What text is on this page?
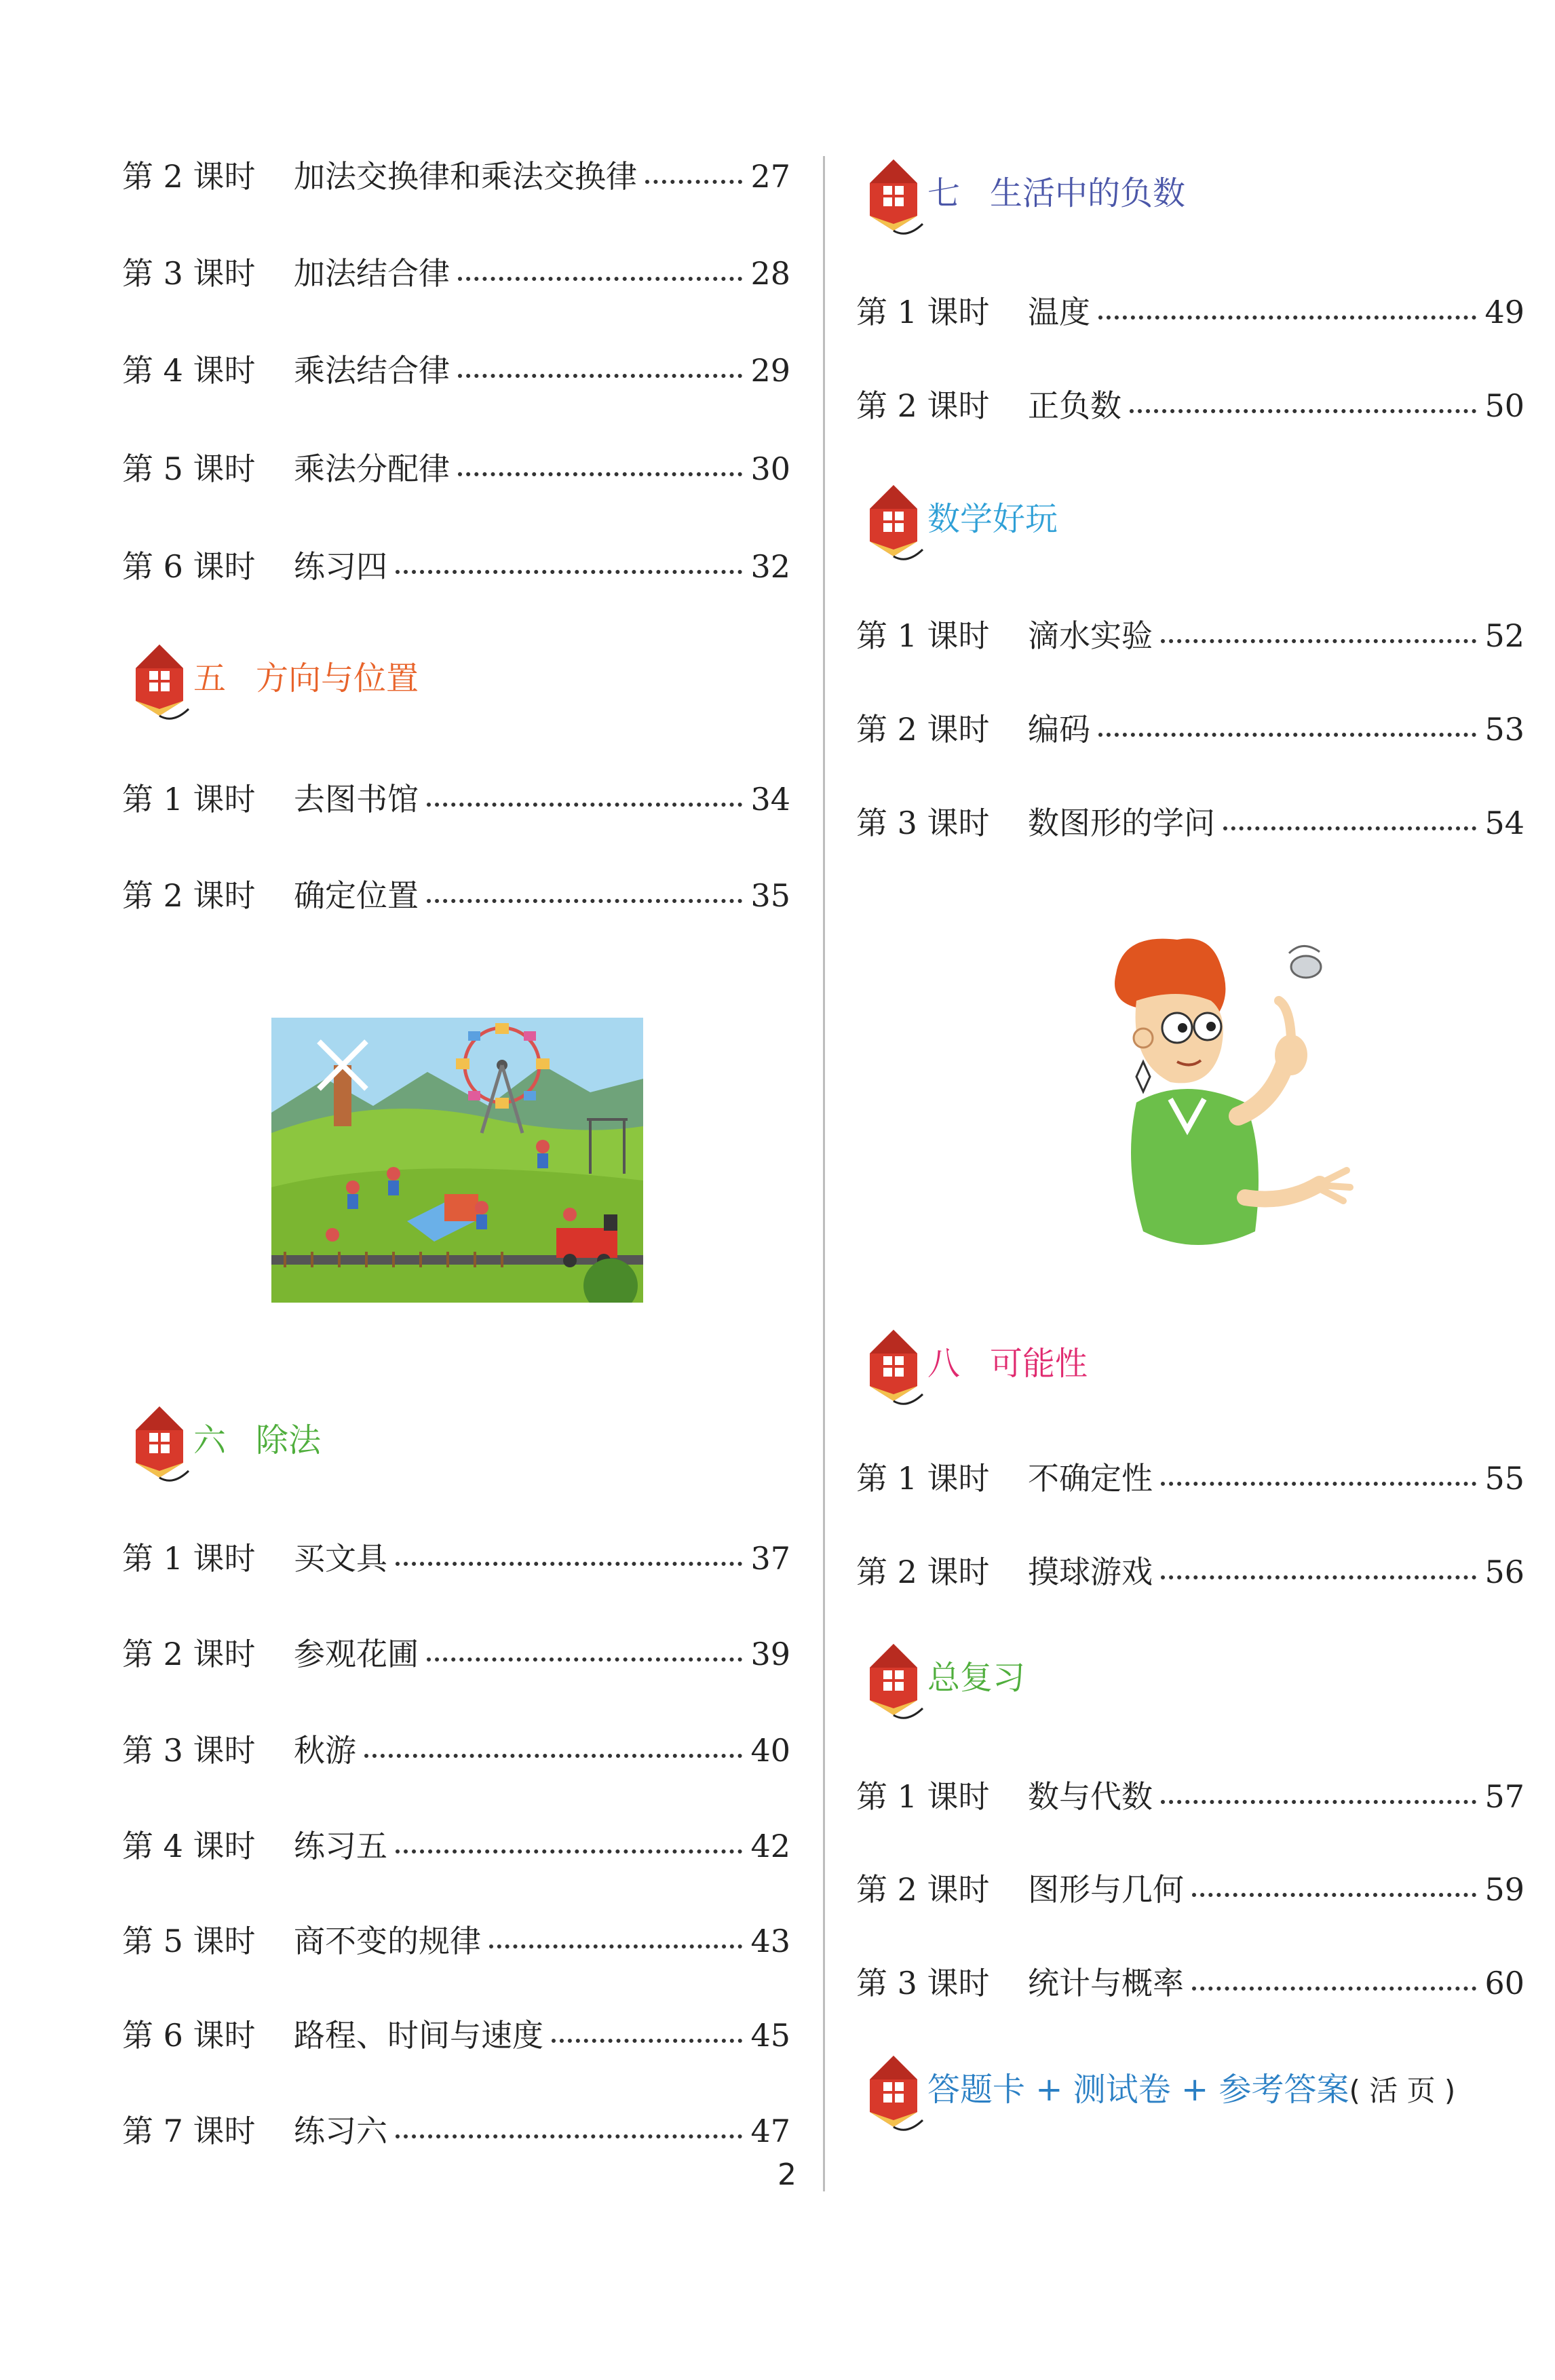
第 2 课时	加法交换律和乘法交换律	27
第 3 课时	加法结合律	28
第 4 课时	乘法结合律	29
第 5 课时	乘法分配律	30
第 6 课时	练习四	32
五 方向与位置
第 1 课时	去图书馆	34
第 2 课时	确定位置	35
六 除法
第 1 课时	买文具	37
第 2 课时	参观花圃	39
第 3 课时	秋游	40
第 4 课时	练习五	42
第 5 课时	商不变的规律	43
第 6 课时	路程、时间与速度	45
第 7 课时	练习六	47
七 生活中的负数
第 1 课时	温度	49
第 2 课时	正负数	50
数学好玩
第 1 课时	滴水实验	52
第 2 课时	编码	53
第 3 课时	数图形的学问	54
八 可能性
第 1 课时	不确定性	55
第 2 课时	摸球游戏	56
总复习
第 1 课时	数与代数	57
第 2 课时	图形与几何	59
第 3 课时	统计与概率	60
答题卡 + 测试卷 + 参考答案( 活 页 )
2
